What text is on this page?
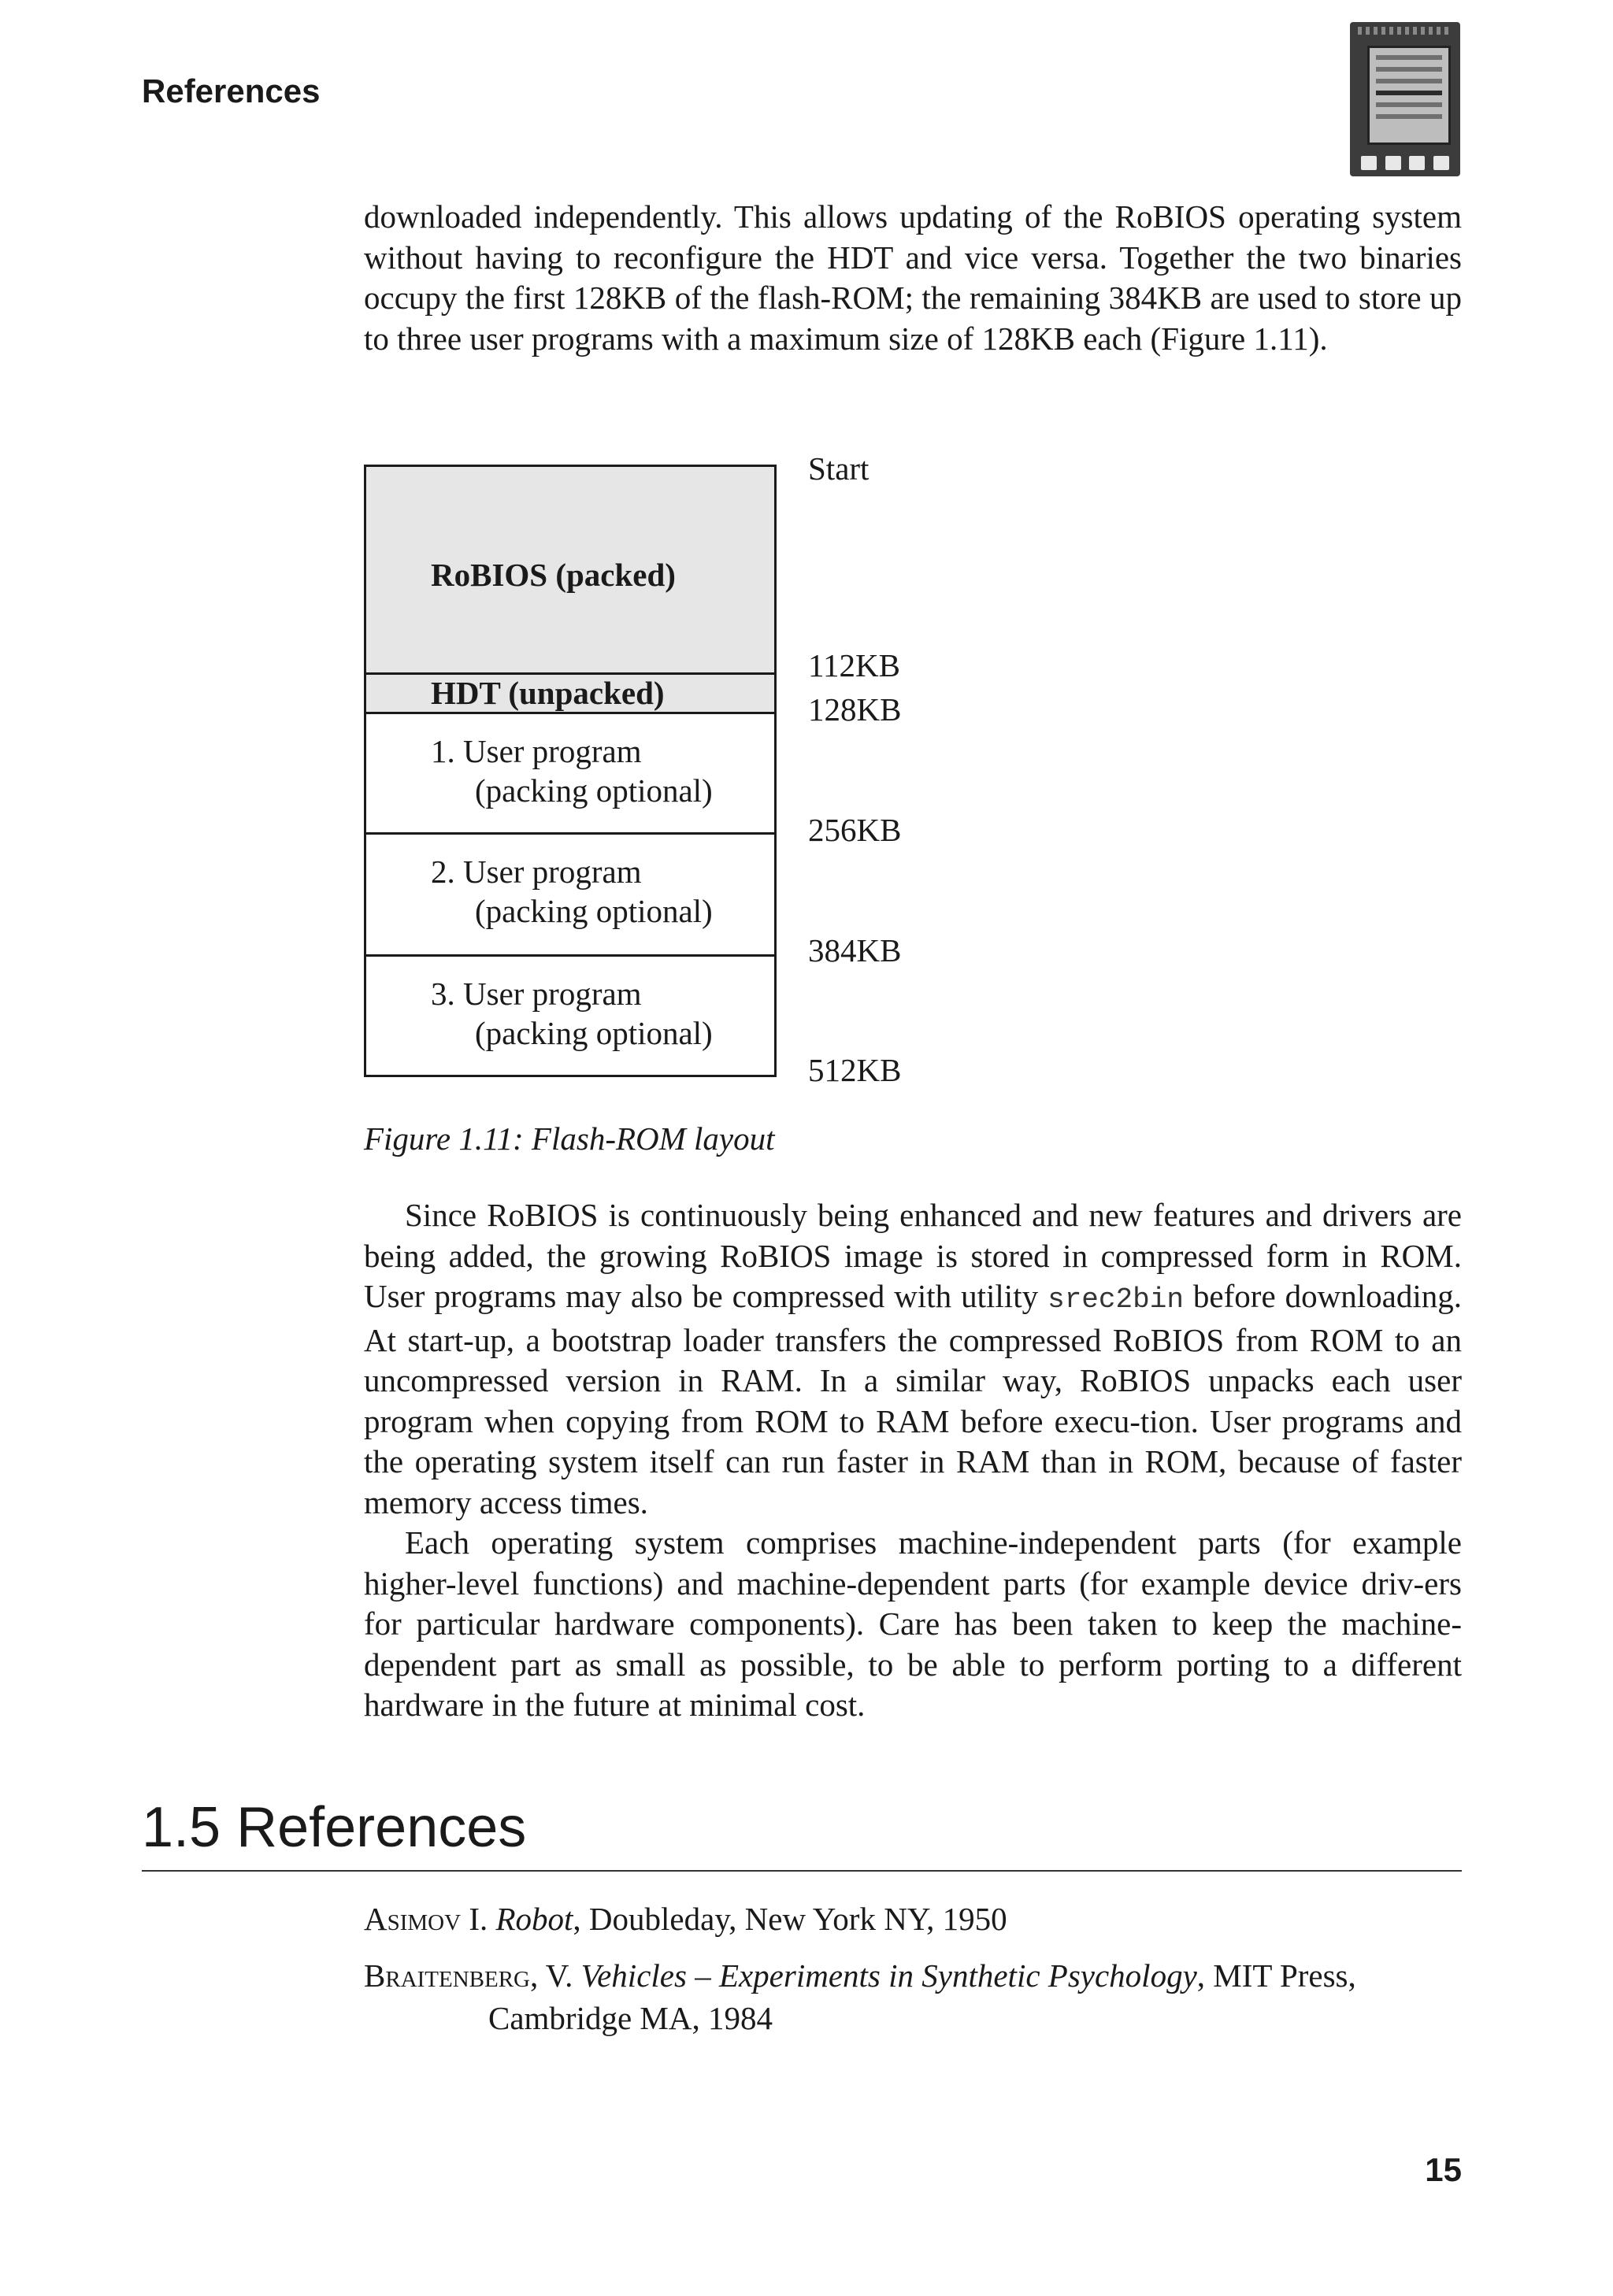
References

downloaded independently. This allows updating of the RoBIOS operating system without having to reconfigure the HDT and vice versa. Together the two binaries occupy the first 128KB of the flash-ROM; the remaining 384KB are used to store up to three user programs with a maximum size of 128KB each (Figure 1.11).

RoBIOS (packed)
HDT (unpacked)
1. User program
(packing optional)
2. User program
(packing optional)
3. User program
(packing optional)
Start
112KB
128KB
256KB
384KB
512KB
Figure 1.11: Flash-ROM layout

Since RoBIOS is continuously being enhanced and new features and drivers are being added, the growing RoBIOS image is stored in compressed form in ROM. User programs may also be compressed with utility srec2bin before downloading. At start-up, a bootstrap loader transfers the compressed RoBIOS from ROM to an uncompressed version in RAM. In a similar way, RoBIOS unpacks each user program when copying from ROM to RAM before execu-tion. User programs and the operating system itself can run faster in RAM than in ROM, because of faster memory access times.

Each operating system comprises machine-independent parts (for example higher-level functions) and machine-dependent parts (for example device driv-ers for particular hardware components). Care has been taken to keep the machine-dependent part as small as possible, to be able to perform porting to a different hardware in the future at minimal cost.

1.5 References
Asimov I. Robot, Doubleday, New York NY, 1950
Braitenberg, V. Vehicles – Experiments in Synthetic Psychology, MIT Press,
Cambridge MA, 1984
15
